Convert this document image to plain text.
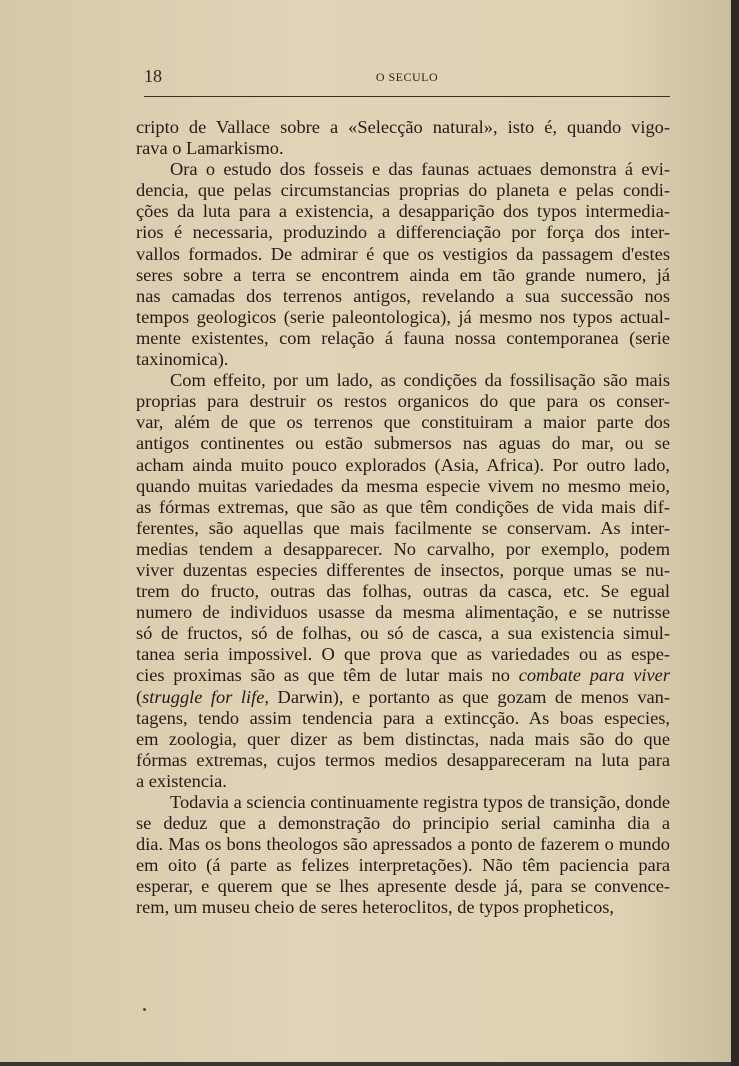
18	O SECULO

cripto de Vallace sobre a «Selecção natural», isto é, quando vigo-
rava o Lamarkismo.

Ora o estudo dos fosseis e das faunas actuaes demonstra á evi-
dencia, que pelas circumstancias proprias do planeta e pelas condi-
ções da luta para a existencia, a desapparição dos typos intermedia-
rios é necessaria, produzindo a differenciação por força dos inter-
vallos formados. De admirar é que os vestigios da passagem d'estes
seres sobre a terra se encontrem ainda em tão grande numero, já
nas camadas dos terrenos antigos, revelando a sua successão nos
tempos geologicos (serie paleontologica), já mesmo nos typos actual-
mente existentes, com relação á fauna nossa contemporanea (serie
taxinomica).

Com effeito, por um lado, as condições da fossilisação são mais
proprias para destruir os restos organicos do que para os conser-
var, além de que os terrenos que constituiram a maior parte dos
antigos continentes ou estão submersos nas aguas do mar, ou se
acham ainda muito pouco explorados (Asia, Africa). Por outro lado,
quando muitas variedades da mesma especie vivem no mesmo meio,
as fórmas extremas, que são as que têm condições de vida mais dif-
ferentes, são aquellas que mais facilmente se conservam. As inter-
medias tendem a desapparecer. No carvalho, por exemplo, podem
viver duzentas especies differentes de insectos, porque umas se nu-
trem do fructo, outras das folhas, outras da casca, etc. Se egual
numero de individuos usasse da mesma alimentação, e se nutrisse
só de fructos, só de folhas, ou só de casca, a sua existencia simul-
tanea seria impossivel. O que prova que as variedades ou as espe-
cies proximas são as que têm de lutar mais no combate para viver
(struggle for life, Darwin), e portanto as que gozam de menos van-
tagens, tendo assim tendencia para a extincção. As boas especies,
em zoologia, quer dizer as bem distinctas, nada mais são do que
fórmas extremas, cujos termos medios desappareceram na luta para
a existencia.

Todavia a sciencia continuamente registra typos de transição, donde
se deduz que a demonstração do principio serial caminha dia a
dia. Mas os bons theologos são apressados a ponto de fazerem o mundo
em oito (á parte as felizes interpretações). Não têm paciencia para
esperar, e querem que se lhes apresente desde já, para se convence-
rem, um museu cheio de seres heteroclitos, de typos propheticos,
